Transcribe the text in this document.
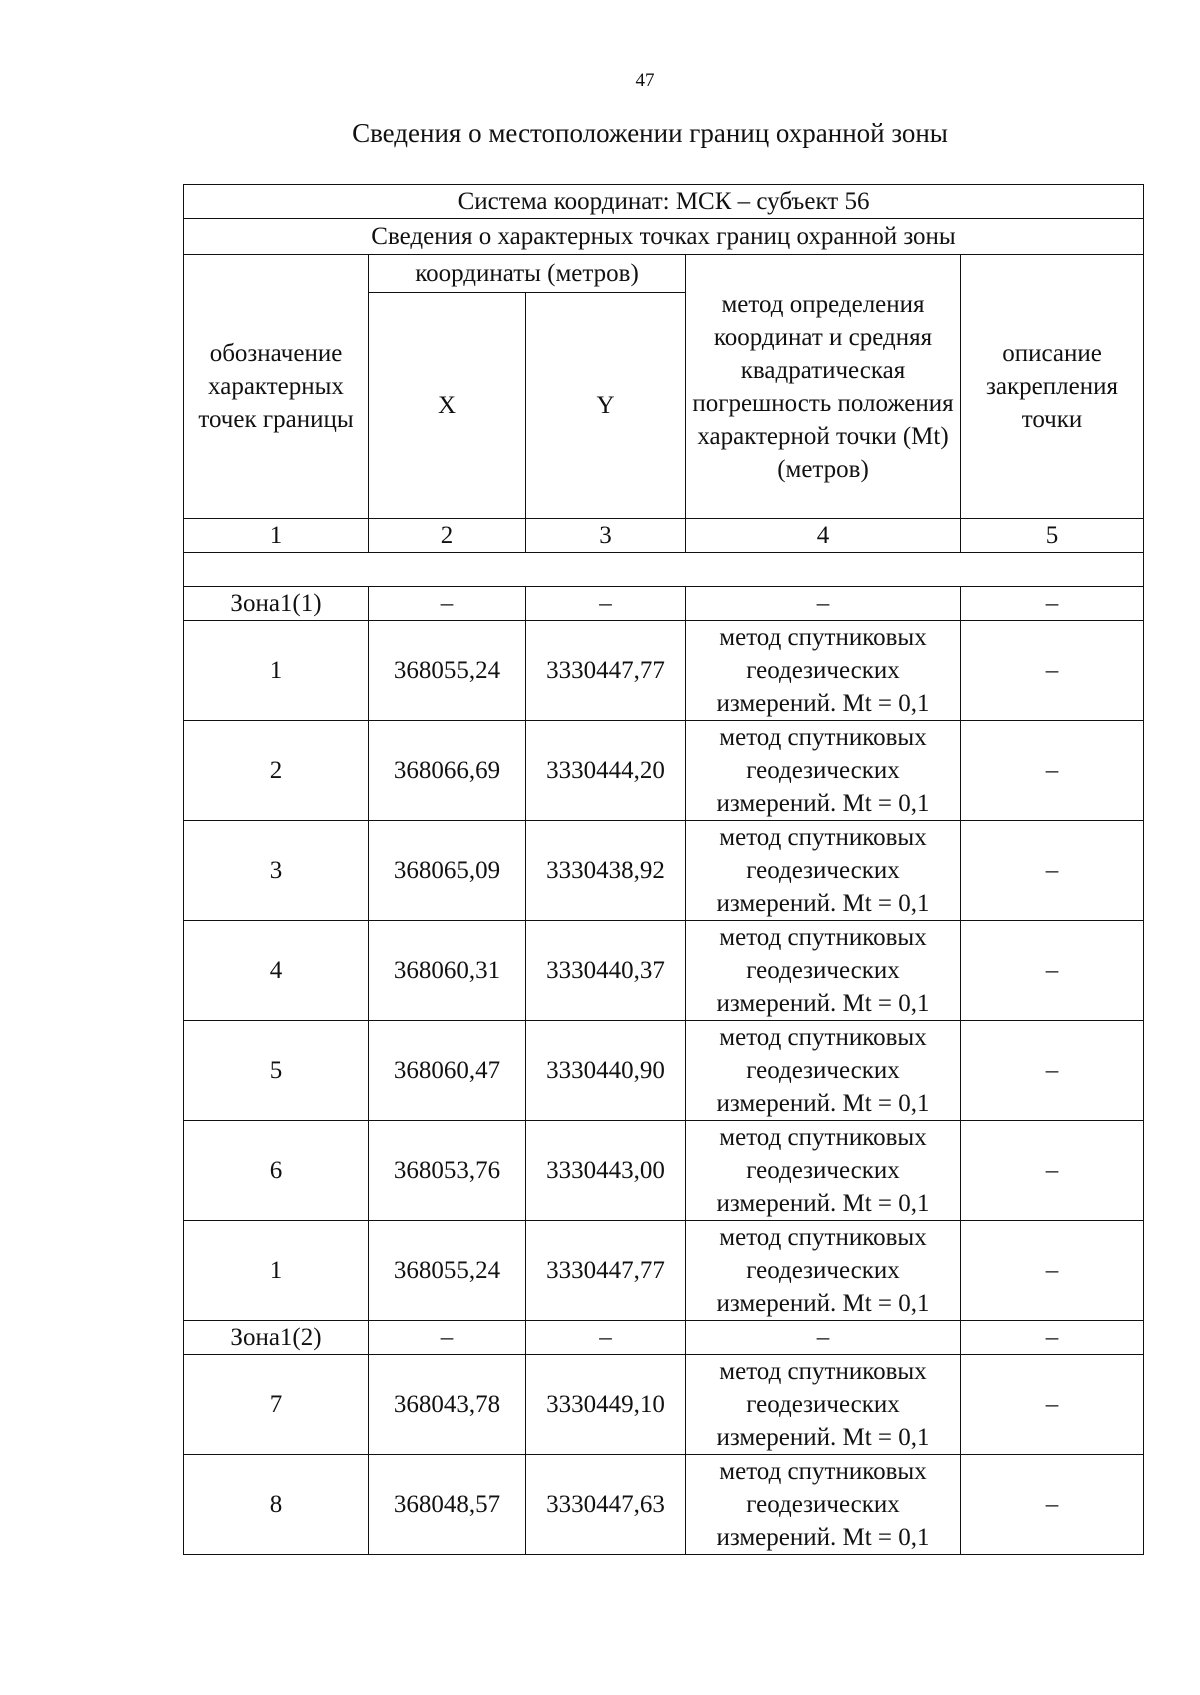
47
Сведения о местоположении границ охранной зоны
Система координат: МСК – субъект 56				
Сведения о характерных точках границ охранной зоны				
обозначение характерных точек границы	координаты (метров)		метод определения координат и средняя квадратическая погрешность положения характерной точки (Mt) (метров)	описание закрепления точки
	X	Y		
1	2	3	4	5

Зона1(1)	–	–	–	–
1	368055,24	3330447,77	метод спутниковых геодезических измерений. Mt = 0,1	–
2	368066,69	3330444,20	метод спутниковых геодезических измерений. Mt = 0,1	–
3	368065,09	3330438,92	метод спутниковых геодезических измерений. Mt = 0,1	–
4	368060,31	3330440,37	метод спутниковых геодезических измерений. Mt = 0,1	–
5	368060,47	3330440,90	метод спутниковых геодезических измерений. Mt = 0,1	–
6	368053,76	3330443,00	метод спутниковых геодезических измерений. Mt = 0,1	–
1	368055,24	3330447,77	метод спутниковых геодезических измерений. Mt = 0,1	–
Зона1(2)	–	–	–	–
7	368043,78	3330449,10	метод спутниковых геодезических измерений. Mt = 0,1	–
8	368048,57	3330447,63	метод спутниковых геодезических измерений. Mt = 0,1	–
